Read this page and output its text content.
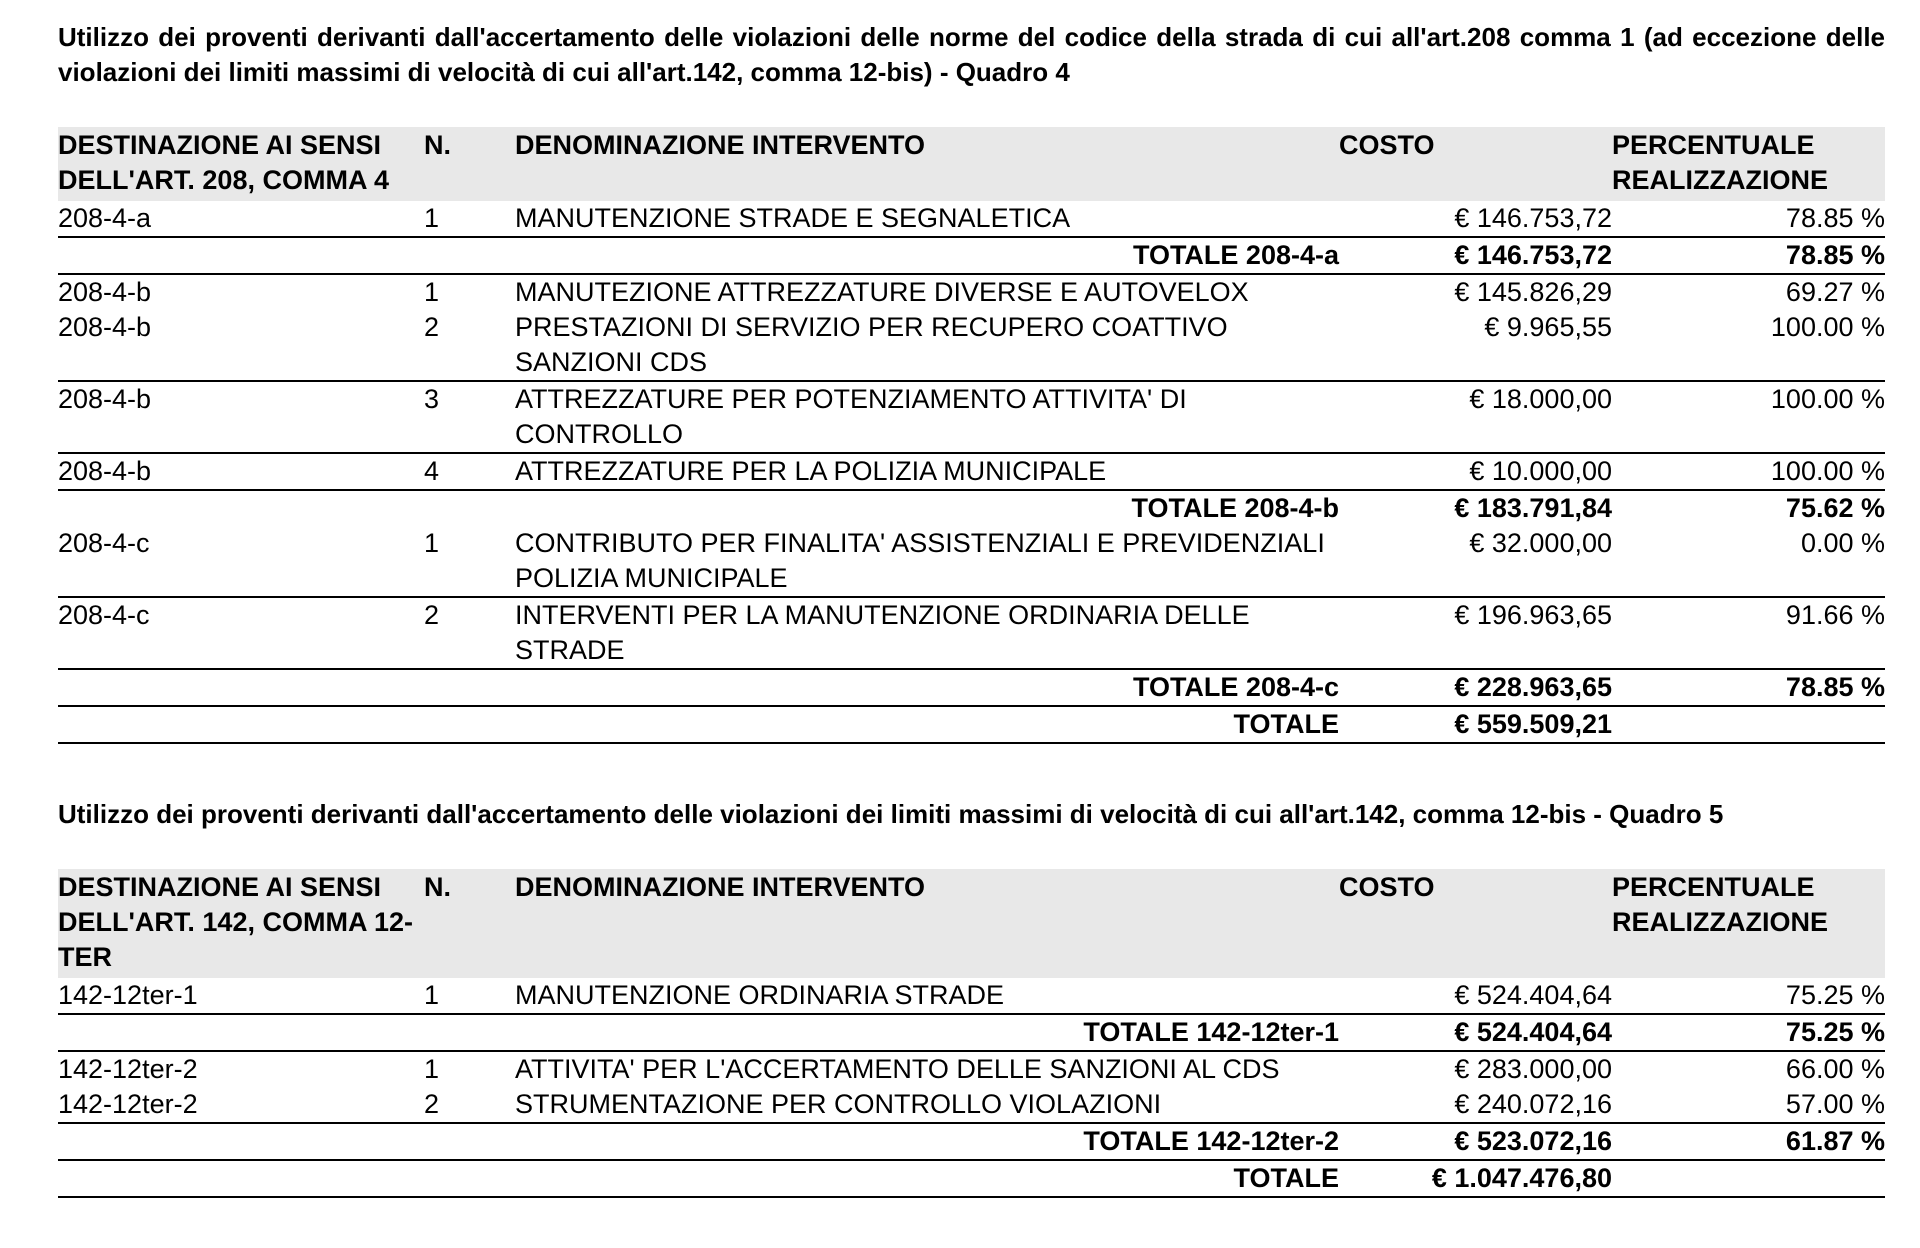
Utilizzo dei proventi derivanti dall'accertamento delle violazioni delle norme del codice della strada di cui all'art.208 comma 1 (ad eccezione delle violazioni dei limiti massimi di velocità di cui all'art.142, comma 12-bis) - Quadro 4

DESTINAZIONE AI SENSI DELL'ART. 208, COMMA 4	N.	DENOMINAZIONE INTERVENTO	COSTO	PERCENTUALE REALIZZAZIONE
208-4-a	1	MANUTENZIONE STRADE E SEGNALETICA	€ 146.753,72	78.85 %
		TOTALE 208-4-a	€ 146.753,72	78.85 %
208-4-b	1	MANUTEZIONE ATTREZZATURE DIVERSE E AUTOVELOX	€ 145.826,29	69.27 %
208-4-b	2	PRESTAZIONI DI SERVIZIO PER RECUPERO COATTIVO SANZIONI CDS	€ 9.965,55	100.00 %
208-4-b	3	ATTREZZATURE PER POTENZIAMENTO ATTIVITA' DI CONTROLLO	€ 18.000,00	100.00 %
208-4-b	4	ATTREZZATURE PER LA POLIZIA MUNICIPALE	€ 10.000,00	100.00 %
		TOTALE 208-4-b	€ 183.791,84	75.62 %
208-4-c	1	CONTRIBUTO PER FINALITA' ASSISTENZIALI E PREVIDENZIALI POLIZIA MUNICIPALE	€ 32.000,00	0.00 %
208-4-c	2	INTERVENTI PER LA MANUTENZIONE ORDINARIA DELLE STRADE	€ 196.963,65	91.66 %
		TOTALE 208-4-c	€ 228.963,65	78.85 %
		TOTALE	€ 559.509,21	

Utilizzo dei proventi derivanti dall'accertamento delle violazioni dei limiti massimi di velocità di cui all'art.142, comma 12-bis - Quadro 5

DESTINAZIONE AI SENSI DELL'ART. 142, COMMA 12-TER	N.	DENOMINAZIONE INTERVENTO	COSTO	PERCENTUALE REALIZZAZIONE
142-12ter-1	1	MANUTENZIONE ORDINARIA STRADE	€ 524.404,64	75.25 %
		TOTALE 142-12ter-1	€ 524.404,64	75.25 %
142-12ter-2	1	ATTIVITA' PER L'ACCERTAMENTO DELLE SANZIONI AL CDS	€ 283.000,00	66.00 %
142-12ter-2	2	STRUMENTAZIONE PER CONTROLLO VIOLAZIONI	€ 240.072,16	57.00 %
		TOTALE 142-12ter-2	€ 523.072,16	61.87 %
		TOTALE	€ 1.047.476,80	
